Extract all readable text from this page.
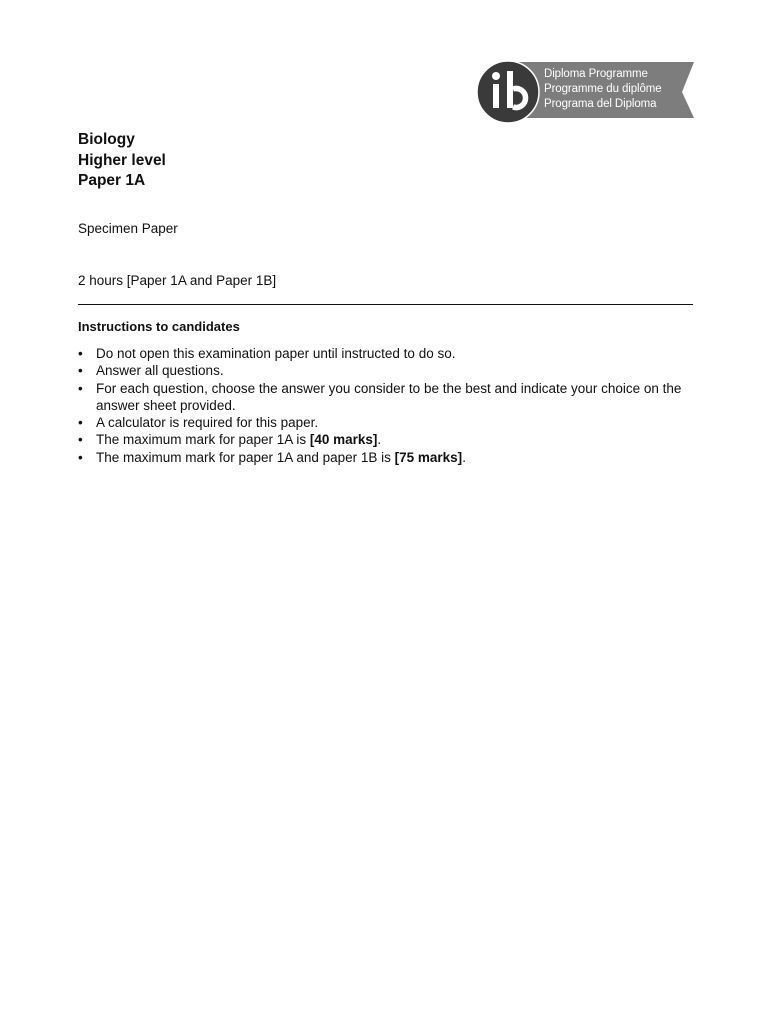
Diploma Programme
Programme du diplôme
Programa del Diploma
Biology
Higher level
Paper 1A
Specimen Paper
2 hours [Paper 1A and Paper 1B]
Instructions to candidates
• Do not open this examination paper until instructed to do so.
• Answer all questions.
• For each question, choose the answer you consider to be the best and indicate your choice on the answer sheet provided.
• A calculator is required for this paper.
• The maximum mark for paper 1A is [40 marks].
• The maximum mark for paper 1A and paper 1B is [75 marks].
